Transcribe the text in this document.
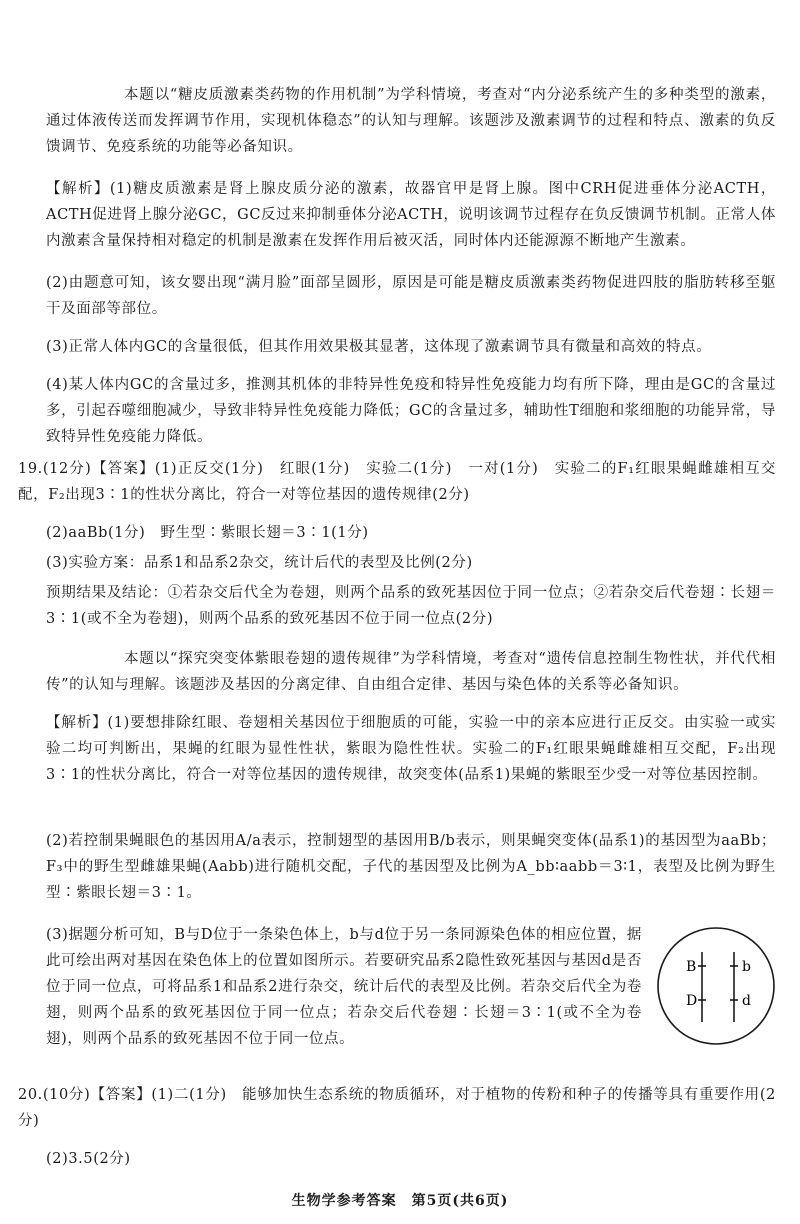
本题以“糖皮质激素类药物的作用机制”为学科情境，考查对“内分泌系统产生的多种类型的激素，通过体液传送而发挥调节作用，实现机体稳态”的认知与理解。该题涉及激素调节的过程和特点、激素的负反馈调节、免疫系统的功能等必备知识。

【解析】(1)糖皮质激素是肾上腺皮质分泌的激素，故器官甲是肾上腺。图中CRH促进垂体分泌ACTH，ACTH促进肾上腺分泌GC，GC反过来抑制垂体分泌ACTH，说明该调节过程存在负反馈调节机制。正常人体内激素含量保持相对稳定的机制是激素在发挥作用后被灭活，同时体内还能源源不断地产生激素。

(2)由题意可知，该女婴出现“满月脸”面部呈圆形，原因是可能是糖皮质激素类药物促进四肢的脂肪转移至躯干及面部等部位。

(3)正常人体内GC的含量很低，但其作用效果极其显著，这体现了激素调节具有微量和高效的特点。

(4)某人体内GC的含量过多，推测其机体的非特异性免疫和特异性免疫能力均有所下降，理由是GC的含量过多，引起吞噬细胞减少，导致非特异性免疫能力降低；GC的含量过多，辅助性T细胞和浆细胞的功能异常，导致特异性免疫能力降低。

19.(12分)【答案】(1)正反交(1分)　红眼(1分)　实验二(1分)　一对(1分)　实验二的F₁红眼果蝇雌雄相互交配，F₂出现3∶1的性状分离比，符合一对等位基因的遗传规律(2分)

(2)aaBb(1分)　野生型∶紫眼长翅＝3∶1(1分)

(3)实验方案：品系1和品系2杂交，统计后代的表型及比例(2分)

预期结果及结论：①若杂交后代全为卷翅，则两个品系的致死基因位于同一位点；②若杂交后代卷翅∶长翅＝3∶1(或不全为卷翅)，则两个品系的致死基因不位于同一位点(2分)

本题以“探究突变体紫眼卷翅的遗传规律”为学科情境，考查对“遗传信息控制生物性状，并代代相传”的认知与理解。该题涉及基因的分离定律、自由组合定律、基因与染色体的关系等必备知识。

【解析】(1)要想排除红眼、卷翅相关基因位于细胞质的可能，实验一中的亲本应进行正反交。由实验一或实验二均可判断出，果蝇的红眼为显性性状，紫眼为隐性性状。实验二的F₁红眼果蝇雌雄相互交配，F₂出现3∶1的性状分离比，符合一对等位基因的遗传规律，故突变体(品系1)果蝇的紫眼至少受一对等位基因控制。

(2)若控制果蝇眼色的基因用A/a表示，控制翅型的基因用B/b表示，则果蝇突变体(品系1)的基因型为aaBb；F₃中的野生型雌雄果蝇(Aabb)进行随机交配，子代的基因型及比例为A_bb∶aabb＝3∶1，表型及比例为野生型∶紫眼长翅＝3∶1。

(3)据题分析可知，B与D位于一条染色体上，b与d位于另一条同源染色体的相应位置，据此可绘出两对基因在染色体上的位置如图所示。若要研究品系2隐性致死基因与基因d是否位于同一位点，可将品系1和品系2进行杂交，统计后代的表型及比例。若杂交后代全为卷翅，则两个品系的致死基因位于同一位点；若杂交后代卷翅∶长翅＝3∶1(或不全为卷翅)，则两个品系的致死基因不位于同一位点。

B	b
D	d

20.(10分)【答案】(1)二(1分)　能够加快生态系统的物质循环，对于植物的传粉和种子的传播等具有重要作用(2分)

(2)3.5(2分)

生物学参考答案　第5页(共6页)
